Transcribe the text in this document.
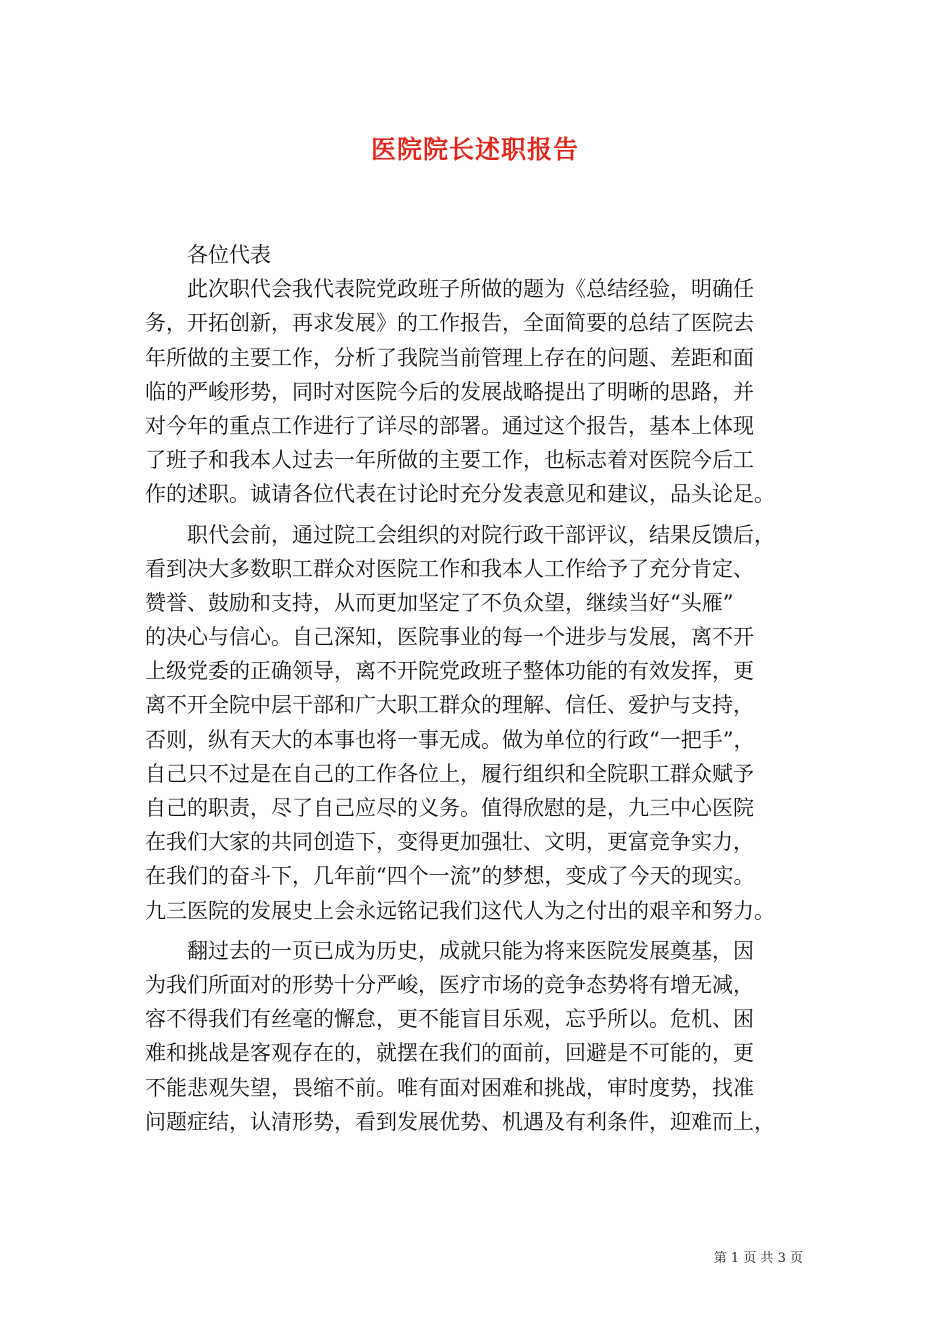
医院院长述职报告
各位代表
此次职代会我代表院党政班子所做的题为《总结经验，明确任
务，开拓创新，再求发展》的工作报告，全面简要的总结了医院去
年所做的主要工作，分析了我院当前管理上存在的问题、差距和面
临的严峻形势，同时对医院今后的发展战略提出了明晰的思路，并
对今年的重点工作进行了详尽的部署。通过这个报告，基本上体现
了班子和我本人过去一年所做的主要工作，也标志着对医院今后工
作的述职。诚请各位代表在讨论时充分发表意见和建议，品头论足。
职代会前，通过院工会组织的对院行政干部评议，结果反馈后，
看到决大多数职工群众对医院工作和我本人工作给予了充分肯定、
赞誉、鼓励和支持，从而更加坚定了不负众望，继续当好“头雁”
的决心与信心。自己深知，医院事业的每一个进步与发展，离不开
上级党委的正确领导，离不开院党政班子整体功能的有效发挥，更
离不开全院中层干部和广大职工群众的理解、信任、爱护与支持，
否则，纵有天大的本事也将一事无成。做为单位的行政“一把手”，
自己只不过是在自己的工作各位上，履行组织和全院职工群众赋予
自己的职责，尽了自己应尽的义务。值得欣慰的是，九三中心医院
在我们大家的共同创造下，变得更加强壮、文明，更富竞争实力，
在我们的奋斗下，几年前“四个一流”的梦想，变成了今天的现实。
九三医院的发展史上会永远铭记我们这代人为之付出的艰辛和努力。
翻过去的一页已成为历史，成就只能为将来医院发展奠基，因
为我们所面对的形势十分严峻，医疗市场的竞争态势将有增无减，
容不得我们有丝毫的懈怠，更不能盲目乐观，忘乎所以。危机、困
难和挑战是客观存在的，就摆在我们的面前，回避是不可能的，更
不能悲观失望，畏缩不前。唯有面对困难和挑战，审时度势，找准
问题症结，认清形势，看到发展优势、机遇及有利条件，迎难而上，
第 1 页 共 3 页
